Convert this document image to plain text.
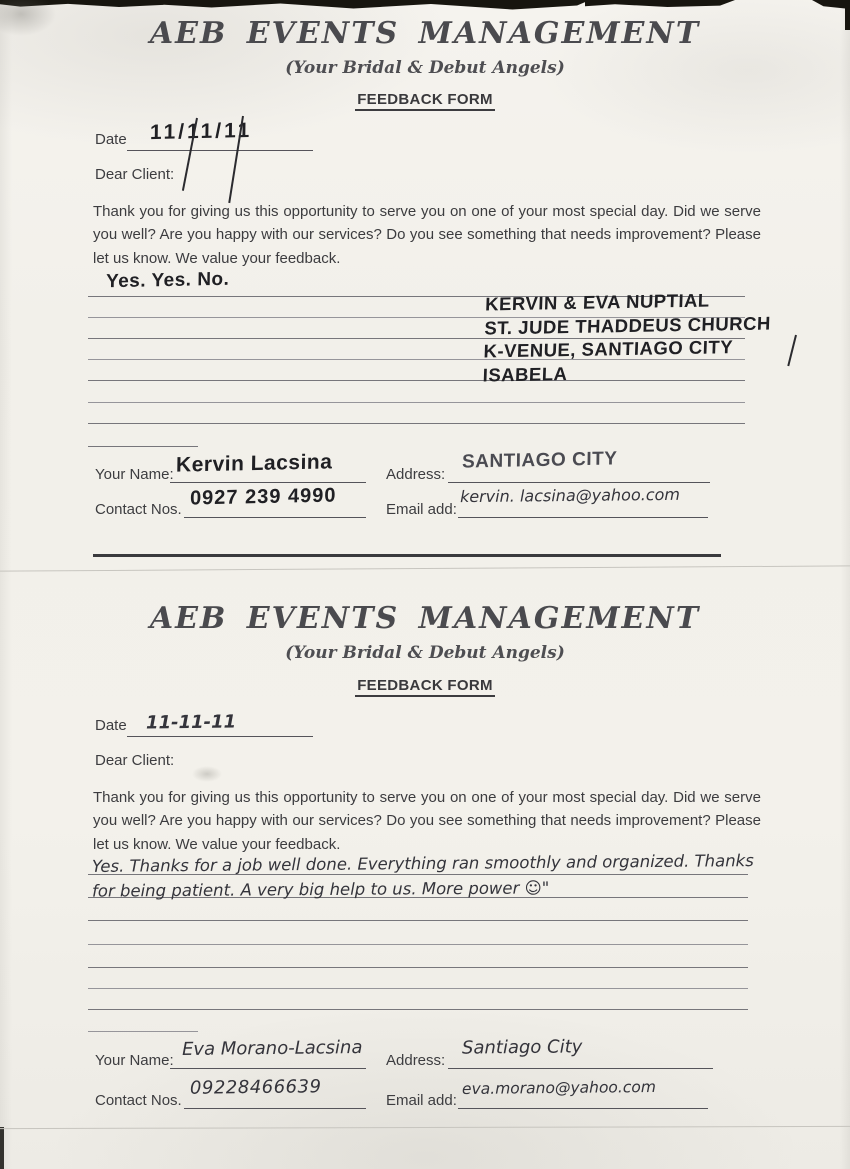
AEB EVENTS MANAGEMENT
(Your Bridal & Debut Angels)
FEEDBACK FORM
Date 11/11/11
Dear Client:

Thank you for giving us this opportunity to serve you on one of your most special day. Did we serve you well? Are you happy with our services? Do you see something that needs improvement? Please let us know. We value your feedback.

Yes. Yes. No.
KERVIN & EVA NUPTIAL
ST. JUDE THADDEUS CHURCH
K-VENUE, SANTIAGO CITY
ISABELA
Your Name: Kervin Lacsina	Address:
SANTIAGO CITY
Contact Nos. 0927 239 4990	Email add:
kervin. lacsina@yahoo.com
AEB EVENTS MANAGEMENT
(Your Bridal & Debut Angels)
FEEDBACK FORM
Date 11-11-11
Dear Client:

Thank you for giving us this opportunity to serve you on one of your most special day. Did we serve you well? Are you happy with our services? Do you see something that needs improvement? Please let us know. We value your feedback.

Yes. Thanks for a job well done. Everything ran smoothly and organized. Thanks
for being patient. A very big help to us. More power ☺"
Your Name:
Eva Morano-Lacsina
Address:
Santiago City
Contact Nos.
09228466639
Email add:
eva.morano@yahoo.com
